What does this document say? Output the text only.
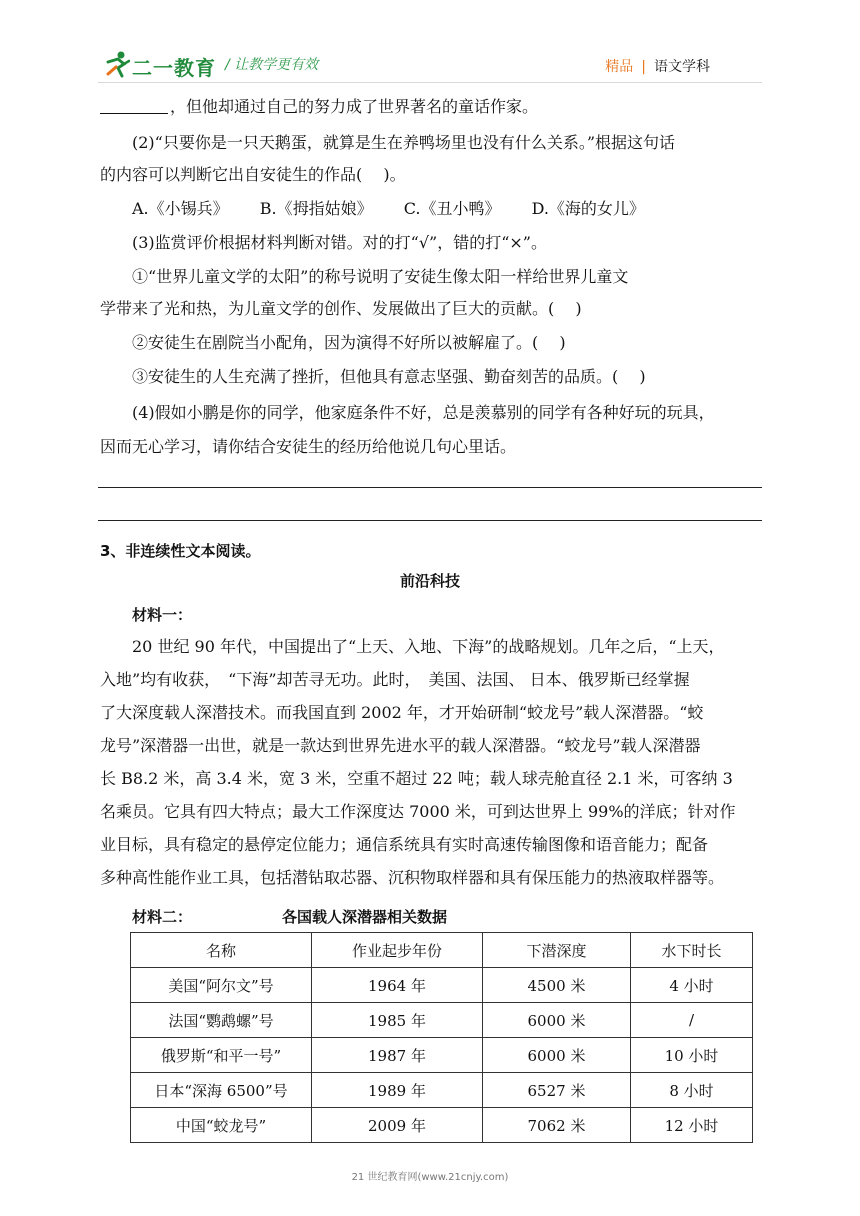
二一教育 / 让教学更有效	精品 | 语文学科
，但他却通过自己的努力成了世界著名的童话作家。
(2)“只要你是一只天鹅蛋，就算是生在养鸭场里也没有什么关系。”根据这句话
的内容可以判断它出自安徒生的作品(　 )。
A.《小锡兵》 B.《拇指姑娘》 C.《丑小鸭》 D.《海的女儿》
(3)监赏评价根据材料判断对错。对的打“√”，错的打“×”。
①“世界儿童文学的太阳”的称号说明了安徒生像太阳一样给世界儿童文
学带来了光和热，为儿童文学的创作、发展做出了巨大的贡献。(　 )
②安徒生在剧院当小配角，因为演得不好所以被解雇了。(　 )
③安徒生的人生充满了挫折，但他具有意志坚强、勤奋刻苦的品质。(　 )
(4)假如小鹏是你的同学，他家庭条件不好，总是羡慕别的同学有各种好玩的玩具，
因而无心学习，请你结合安徒生的经历给他说几句心里话。
3、非连续性文本阅读。
前沿科技
材料一：
20 世纪 90 年代，中国提出了“上天、入地、下海”的战略规划。几年之后，“上天，
入地”均有收获，　“下海”却苦寻无功。此时，　美国、法国、 日本、俄罗斯已经掌握
了大深度载人深潜技术。而我国直到 2002 年，才开始研制“蛟龙号”载人深潜器。“蛟
龙号”深潜器一出世，就是一款达到世界先进水平的载人深潜器。“蛟龙号”载人深潜器
长 B8.2 米，高 3.4 米，宽 3 米，空重不超过 22 吨；载人球壳舱直径 2.1 米，可客纳 3
名乘员。它具有四大特点；最大工作深度达 7000 米，可到达世界上 99%的洋底；针对作
业目标，具有稳定的悬停定位能力；通信系统具有实时高速传输图像和语音能力；配备
多种高性能作业工具，包括潜钻取芯器、沉积物取样器和具有保压能力的热液取样器等。
材料二：	各国载人深潜器相关数据
名称	作业起步年份	下潜深度	水下时长
美国“阿尔文”号	1964 年	4500 米	4 小时
法国“鹦鹉螺”号	1985 年	6000 米	/
俄罗斯“和平一号”	1987 年	6000 米	10 小时
日本“深海 6500”号	1989 年	6527 米	8 小时
中国“蛟龙号”	2009 年	7062 米	12 小时
21 世纪教育网(www.21cnjy.com)
